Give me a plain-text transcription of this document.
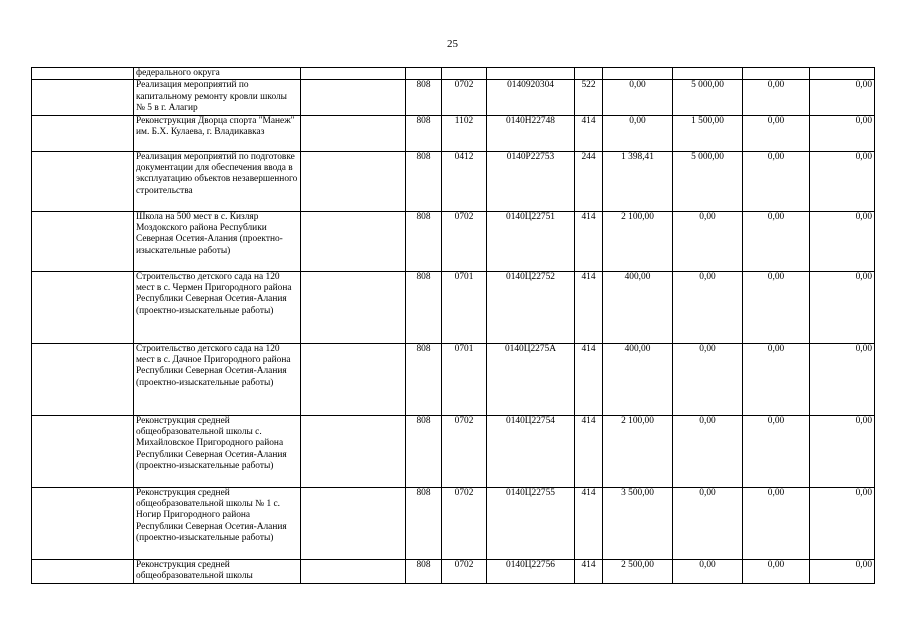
25
	федерального округа									
	Реализация мероприятий по капитальному ремонту кровли школы № 5 в г. Алагир		808	0702	0140920304	522	0,00	5 000,00	0,00	0,00
	Реконструкция Дворца спорта "Манеж" им. Б.Х. Кулаева, г. Владикавказ		808	1102	0140Н22748	414	0,00	1 500,00	0,00	0,00
	Реализация мероприятий по подготовке документации для обеспечения ввода в эксплуатацию объектов незавершенного строительства		808	0412	0140Р22753	244	1 398,41	5 000,00	0,00	0,00
	Школа на 500 мест в с. Кизляр Моздокского района Республики Северная Осетия-Алания (проектно-изыскательные работы)		808	0702	0140Ц22751	414	2 100,00	0,00	0,00	0,00
	Строительство детского сада на 120 мест в с. Чермен Пригородного района Республики Северная Осетия-Алания (проектно-изыскательные работы)		808	0701	0140Ц22752	414	400,00	0,00	0,00	0,00
	Строительство детского сада на 120 мест в с. Дачное Пригородного района Республики Северная Осетия-Алания (проектно-изыскательные работы)		808	0701	0140Ц2275А	414	400,00	0,00	0,00	0,00
	Реконструкция средней общеобразовательной школы с. Михайловское Пригородного района Республики Северная Осетия-Алания (проектно-изыскательные работы)		808	0702	0140Ц22754	414	2 100,00	0,00	0,00	0,00
	Реконструкция средней общеобразовательной школы № 1 с. Ногир Пригородного района Республики Северная Осетия-Алания (проектно-изыскательные работы)		808	0702	0140Ц22755	414	3 500,00	0,00	0,00	0,00
	Реконструкция средней общеобразовательной школы		808	0702	0140Ц22756	414	2 500,00	0,00	0,00	0,00
